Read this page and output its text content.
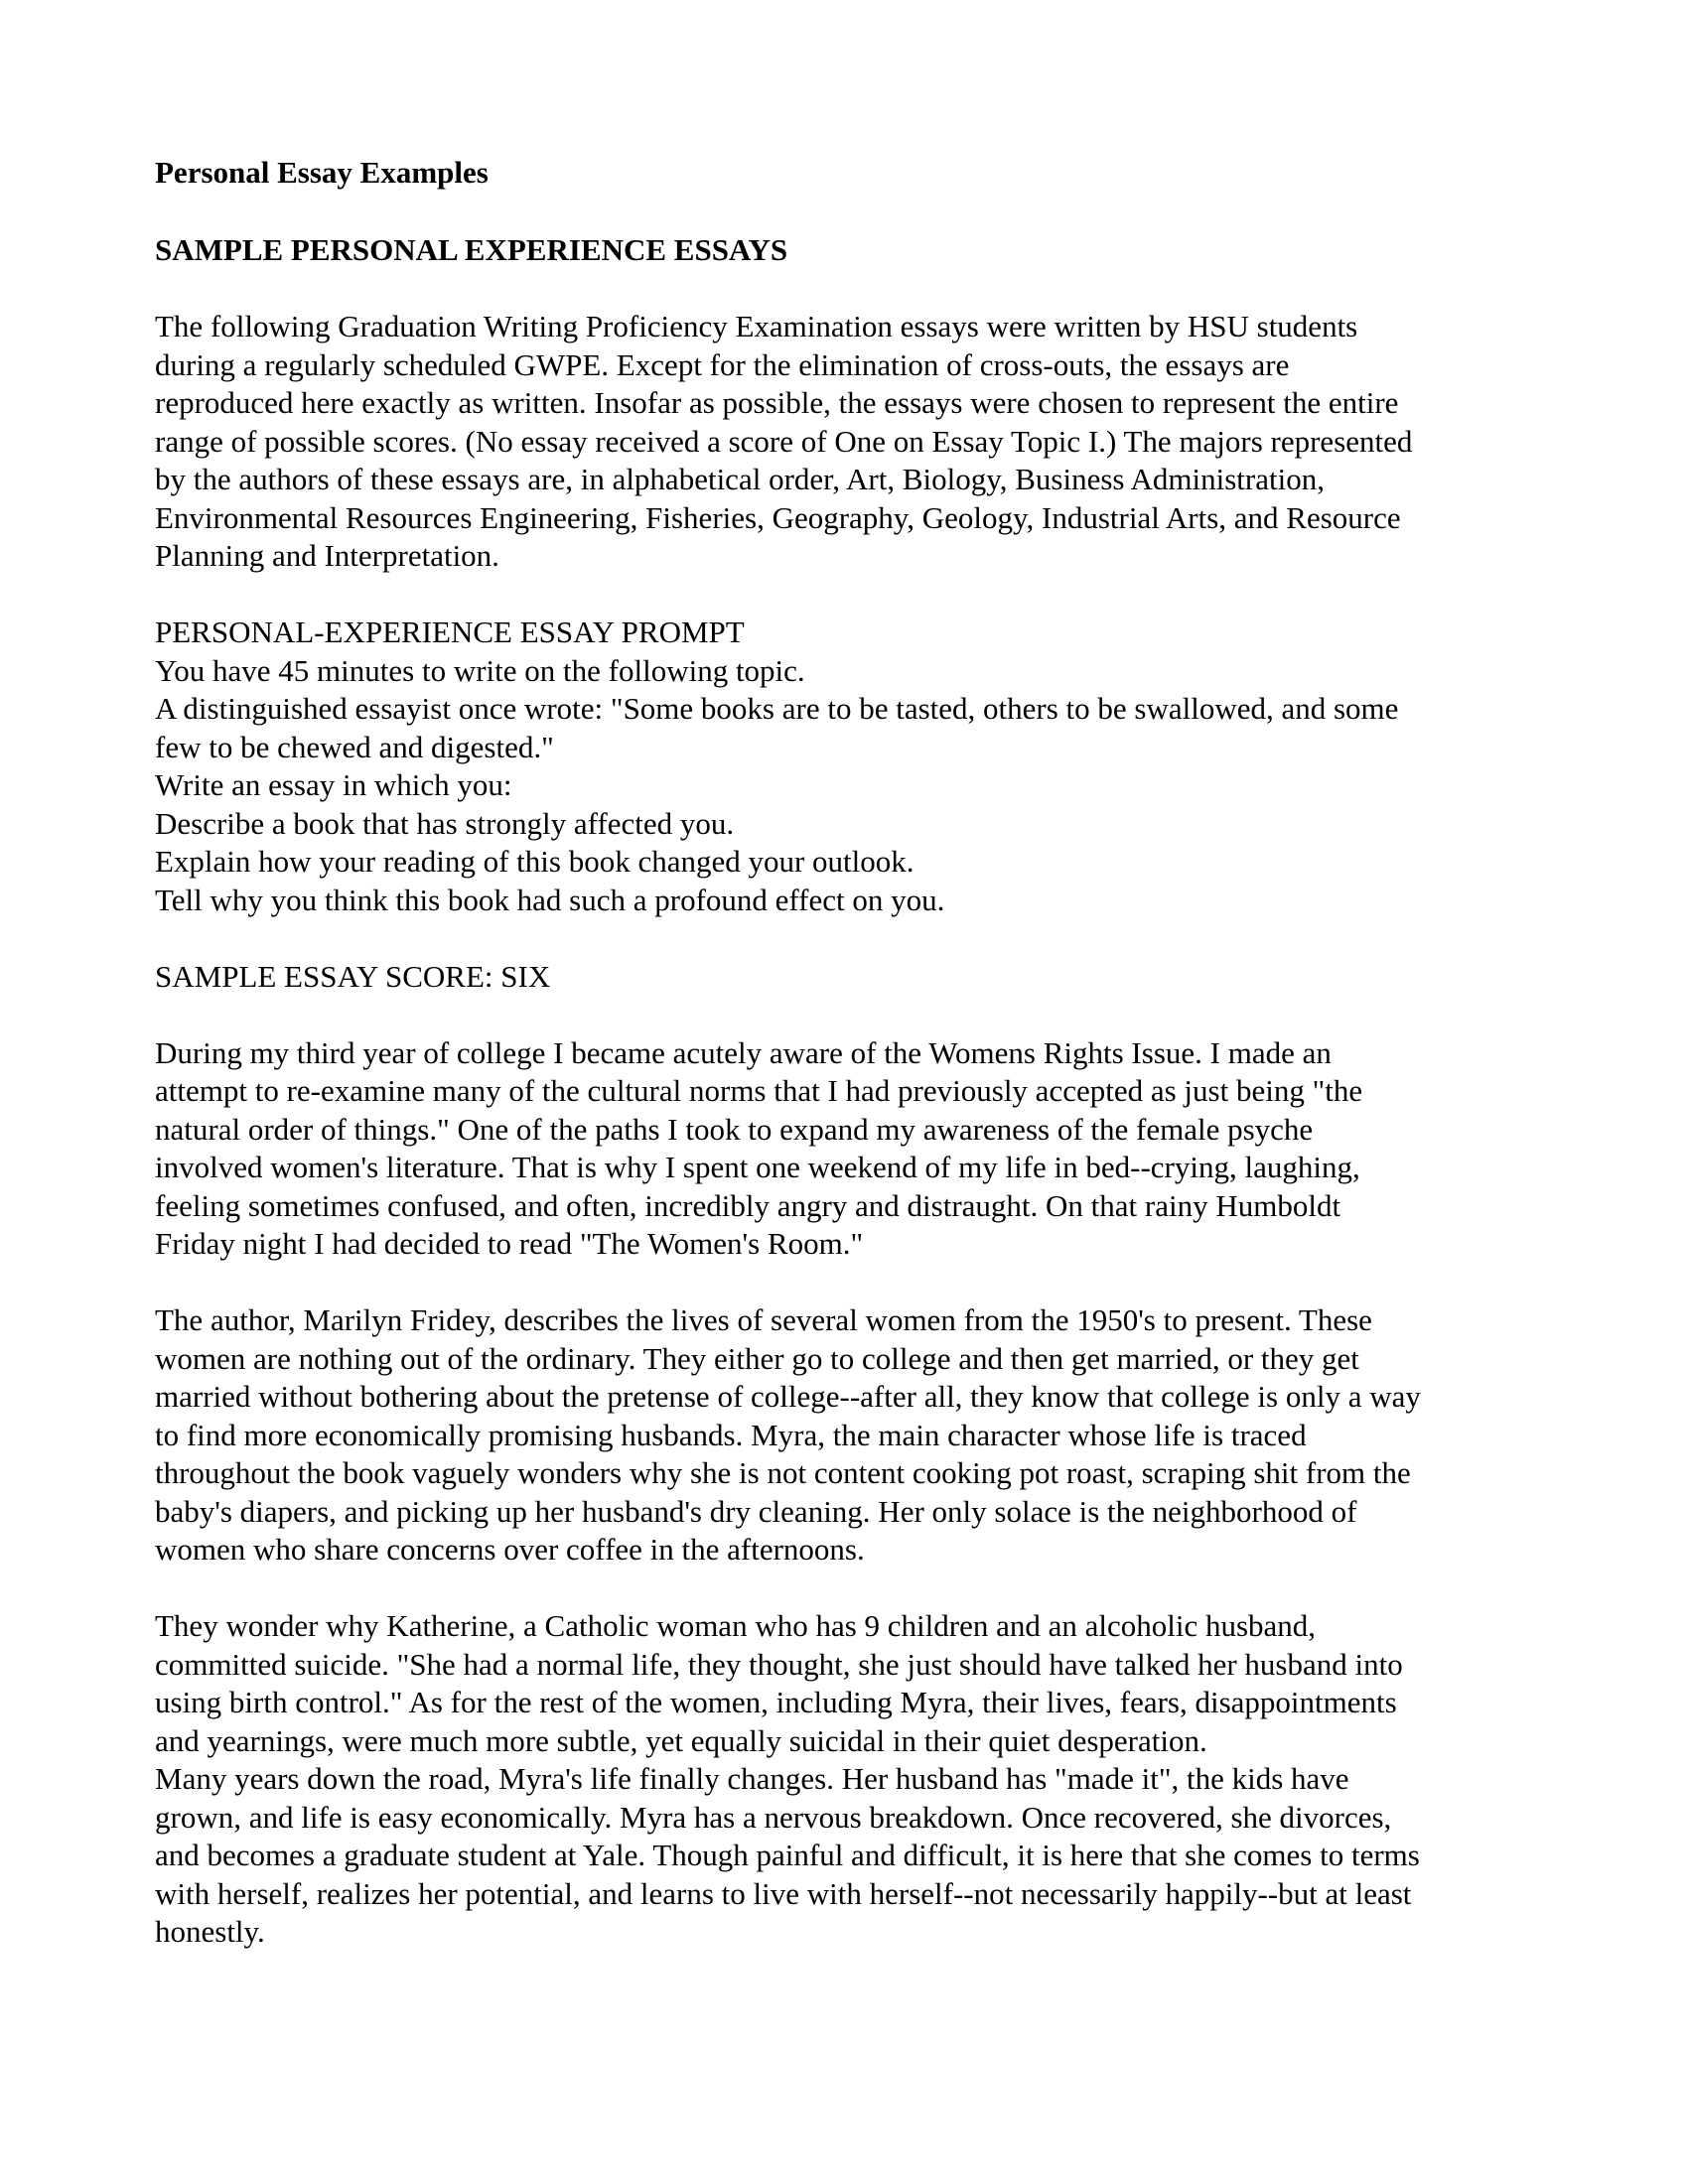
Personal Essay Examples

SAMPLE PERSONAL EXPERIENCE ESSAYS

The following Graduation Writing Proficiency Examination essays were written by HSU students
during a regularly scheduled GWPE. Except for the elimination of cross-outs, the essays are
reproduced here exactly as written. Insofar as possible, the essays were chosen to represent the entire
range of possible scores. (No essay received a score of One on Essay Topic I.) The majors represented
by the authors of these essays are, in alphabetical order, Art, Biology, Business Administration,
Environmental Resources Engineering, Fisheries, Geography, Geology, Industrial Arts, and Resource
Planning and Interpretation.

PERSONAL-EXPERIENCE ESSAY PROMPT
You have 45 minutes to write on the following topic.
A distinguished essayist once wrote: "Some books are to be tasted, others to be swallowed, and some
few to be chewed and digested."
Write an essay in which you:
Describe a book that has strongly affected you.
Explain how your reading of this book changed your outlook.
Tell why you think this book had such a profound effect on you.

SAMPLE ESSAY SCORE: SIX

During my third year of college I became acutely aware of the Womens Rights Issue. I made an
attempt to re-examine many of the cultural norms that I had previously accepted as just being "the
natural order of things." One of the paths I took to expand my awareness of the female psyche
involved women's literature. That is why I spent one weekend of my life in bed--crying, laughing,
feeling sometimes confused, and often, incredibly angry and distraught. On that rainy Humboldt
Friday night I had decided to read "The Women's Room."

The author, Marilyn Fridey, describes the lives of several women from the 1950's to present. These
women are nothing out of the ordinary. They either go to college and then get married, or they get
married without bothering about the pretense of college--after all, they know that college is only a way
to find more economically promising husbands. Myra, the main character whose life is traced
throughout the book vaguely wonders why she is not content cooking pot roast, scraping shit from the
baby's diapers, and picking up her husband's dry cleaning. Her only solace is the neighborhood of
women who share concerns over coffee in the afternoons.

They wonder why Katherine, a Catholic woman who has 9 children and an alcoholic husband,
committed suicide. "She had a normal life, they thought, she just should have talked her husband into
using birth control." As for the rest of the women, including Myra, their lives, fears, disappointments
and yearnings, were much more subtle, yet equally suicidal in their quiet desperation.
Many years down the road, Myra's life finally changes. Her husband has "made it", the kids have
grown, and life is easy economically. Myra has a nervous breakdown. Once recovered, she divorces,
and becomes a graduate student at Yale. Though painful and difficult, it is here that she comes to terms
with herself, realizes her potential, and learns to live with herself--not necessarily happily--but at least
honestly.
